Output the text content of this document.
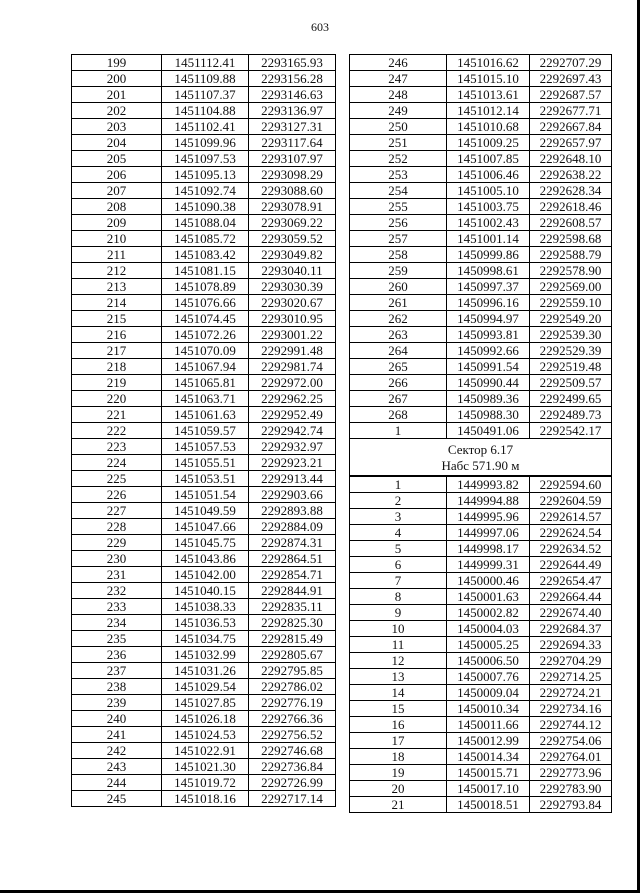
603
199	1451112.41	2293165.93
200	1451109.88	2293156.28
201	1451107.37	2293146.63
202	1451104.88	2293136.97
203	1451102.41	2293127.31
204	1451099.96	2293117.64
205	1451097.53	2293107.97
206	1451095.13	2293098.29
207	1451092.74	2293088.60
208	1451090.38	2293078.91
209	1451088.04	2293069.22
210	1451085.72	2293059.52
211	1451083.42	2293049.82
212	1451081.15	2293040.11
213	1451078.89	2293030.39
214	1451076.66	2293020.67
215	1451074.45	2293010.95
216	1451072.26	2293001.22
217	1451070.09	2292991.48
218	1451067.94	2292981.74
219	1451065.81	2292972.00
220	1451063.71	2292962.25
221	1451061.63	2292952.49
222	1451059.57	2292942.74
223	1451057.53	2292932.97
224	1451055.51	2292923.21
225	1451053.51	2292913.44
226	1451051.54	2292903.66
227	1451049.59	2292893.88
228	1451047.66	2292884.09
229	1451045.75	2292874.31
230	1451043.86	2292864.51
231	1451042.00	2292854.71
232	1451040.15	2292844.91
233	1451038.33	2292835.11
234	1451036.53	2292825.30
235	1451034.75	2292815.49
236	1451032.99	2292805.67
237	1451031.26	2292795.85
238	1451029.54	2292786.02
239	1451027.85	2292776.19
240	1451026.18	2292766.36
241	1451024.53	2292756.52
242	1451022.91	2292746.68
243	1451021.30	2292736.84
244	1451019.72	2292726.99
245	1451018.16	2292717.14
246	1451016.62	2292707.29
247	1451015.10	2292697.43
248	1451013.61	2292687.57
249	1451012.14	2292677.71
250	1451010.68	2292667.84
251	1451009.25	2292657.97
252	1451007.85	2292648.10
253	1451006.46	2292638.22
254	1451005.10	2292628.34
255	1451003.75	2292618.46
256	1451002.43	2292608.57
257	1451001.14	2292598.68
258	1450999.86	2292588.79
259	1450998.61	2292578.90
260	1450997.37	2292569.00
261	1450996.16	2292559.10
262	1450994.97	2292549.20
263	1450993.81	2292539.30
264	1450992.66	2292529.39
265	1450991.54	2292519.48
266	1450990.44	2292509.57
267	1450989.36	2292499.65
268	1450988.30	2292489.73
1	1450491.06	2292542.17

Сектор 6.17
Набс 571.90 м		

1	1449993.82	2292594.60
2	1449994.88	2292604.59
3	1449995.96	2292614.57
4	1449997.06	2292624.54
5	1449998.17	2292634.52
6	1449999.31	2292644.49
7	1450000.46	2292654.47
8	1450001.63	2292664.44
9	1450002.82	2292674.40
10	1450004.03	2292684.37
11	1450005.25	2292694.33
12	1450006.50	2292704.29
13	1450007.76	2292714.25
14	1450009.04	2292724.21
15	1450010.34	2292734.16
16	1450011.66	2292744.12
17	1450012.99	2292754.06
18	1450014.34	2292764.01
19	1450015.71	2292773.96
20	1450017.10	2292783.90
21	1450018.51	2292793.84
